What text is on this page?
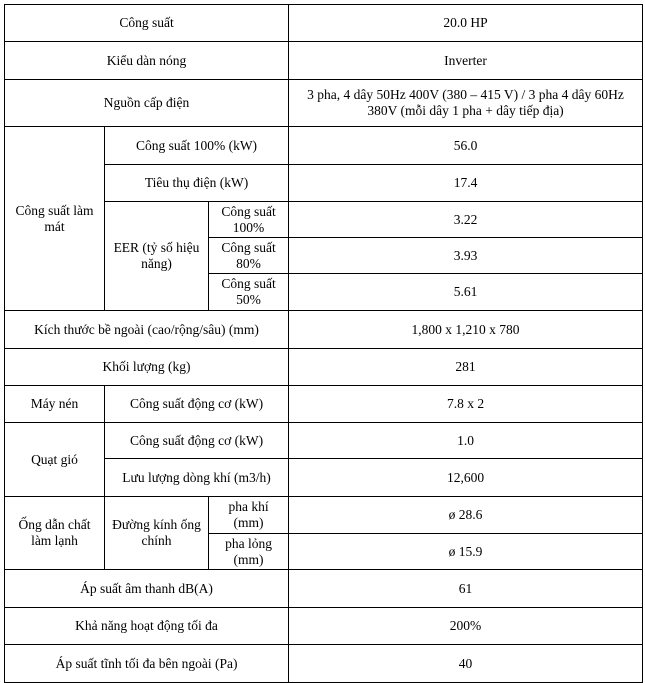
Công suất			20.0 HP
Kiểu dàn nóng			Inverter
Nguồn cấp điện			3 pha, 4 dây 50Hz 400V (380 – 415 V) / 3 pha 4 dây 60Hz 380V (mỗi dây 1 pha + dây tiếp địa)
Công suất làm mát	Công suất 100% (kW)		56.0
	Tiêu thụ điện (kW)		17.4
	EER (tỷ số hiệu năng)	Công suất 100%	3.22
		Công suất 80%	3.93
		Công suất 50%	5.61
Kích thước bề ngoài (cao/rộng/sâu) (mm)			1,800 x 1,210 x 780
Khối lượng (kg)			281
Máy nén	Công suất động cơ (kW)		7.8 x 2
Quạt gió	Công suất động cơ (kW)		1.0
	Lưu lượng dòng khí (m3/h)		12,600
Ống dẫn chất làm lạnh	Đường kính ống chính	pha khí (mm)	ø 28.6
		pha lỏng (mm)	ø 15.9
Áp suất âm thanh dB(A)			61
Khả năng hoạt động tối đa			200%
Áp suất tĩnh tối đa bên ngoài (Pa)			40
